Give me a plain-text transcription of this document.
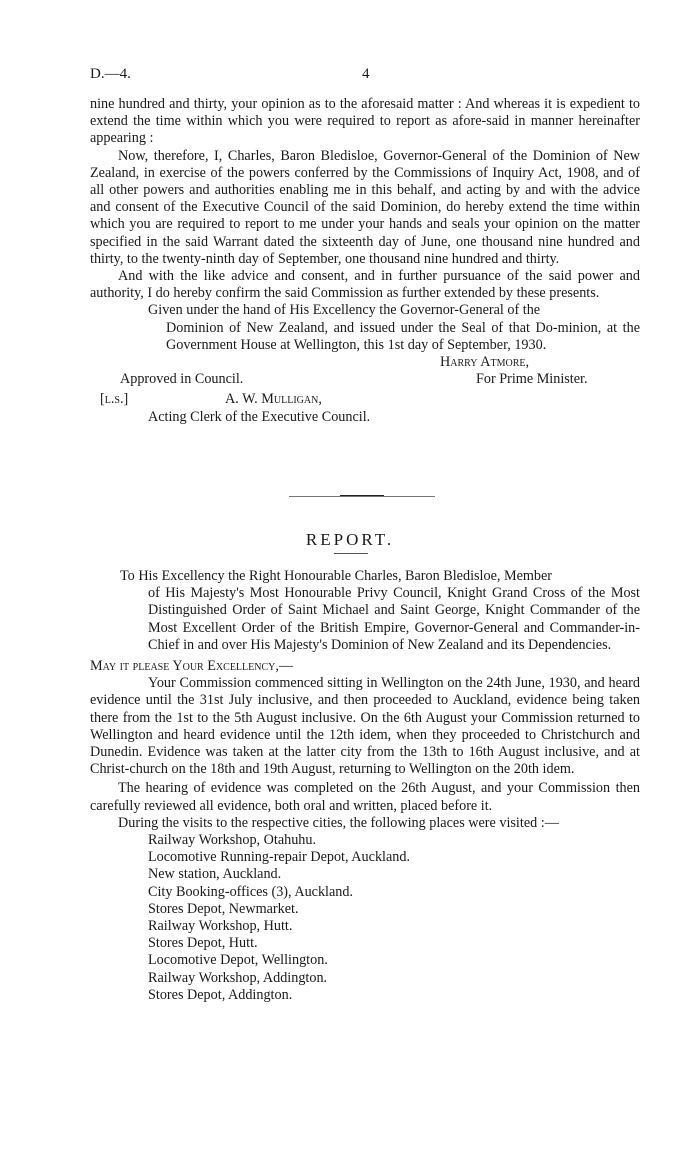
D.—4.	4

nine hundred and thirty, your opinion as to the aforesaid matter : And whereas it is expedient to extend the time within which you were required to report as afore-said in manner hereinafter appearing :

Now, therefore, I, Charles, Baron Bledisloe, Governor-General of the Dominion of New Zealand, in exercise of the powers conferred by the Commissions of Inquiry Act, 1908, and of all other powers and authorities enabling me in this behalf, and acting by and with the advice and consent of the Executive Council of the said Dominion, do hereby extend the time within which you are required to report to me under your hands and seals your opinion on the matter specified in the said Warrant dated the sixteenth day of June, one thousand nine hundred and thirty, to the twenty-ninth day of September, one thousand nine hundred and thirty.

And with the like advice and consent, and in further pursuance of the said power and authority, I do hereby confirm the said Commission as further extended by these presents.

Given under the hand of His Excellency the Governor-General of the

Dominion of New Zealand, and issued under the Seal of that Do-minion, at the Government House at Wellington, this 1st day of September, 1930.

Harry Atmore,
Approved in Council.	For Prime Minister.
[l.s.]	A. W. Mulligan,
Acting Clerk of the Executive Council.
REPORT.

To His Excellency the Right Honourable Charles, Baron Bledisloe, Member

of His Majesty's Most Honourable Privy Council, Knight Grand Cross of the Most Distinguished Order of Saint Michael and Saint George, Knight Commander of the Most Excellent Order of the British Empire, Governor-General and Commander-in-Chief in and over His Majesty's Dominion of New Zealand and its Dependencies.

May it please Your Excellency,—

Your Commission commenced sitting in Wellington on the 24th June, 1930, and heard evidence until the 31st July inclusive, and then proceeded to Auckland, evidence being taken there from the 1st to the 5th August inclusive. On the 6th August your Commission returned to Wellington and heard evidence until the 12th idem, when they proceeded to Christchurch and Dunedin. Evidence was taken at the latter city from the 13th to 16th August inclusive, and at Christ-church on the 18th and 19th August, returning to Wellington on the 20th idem.

The hearing of evidence was completed on the 26th August, and your Commission then carefully reviewed all evidence, both oral and written, placed before it.

During the visits to the respective cities, the following places were visited :—

Railway Workshop, Otahuhu.
Locomotive Running-repair Depot, Auckland.
New station, Auckland.
City Booking-offices (3), Auckland.
Stores Depot, Newmarket.
Railway Workshop, Hutt.
Stores Depot, Hutt.
Locomotive Depot, Wellington.
Railway Workshop, Addington.
Stores Depot, Addington.
